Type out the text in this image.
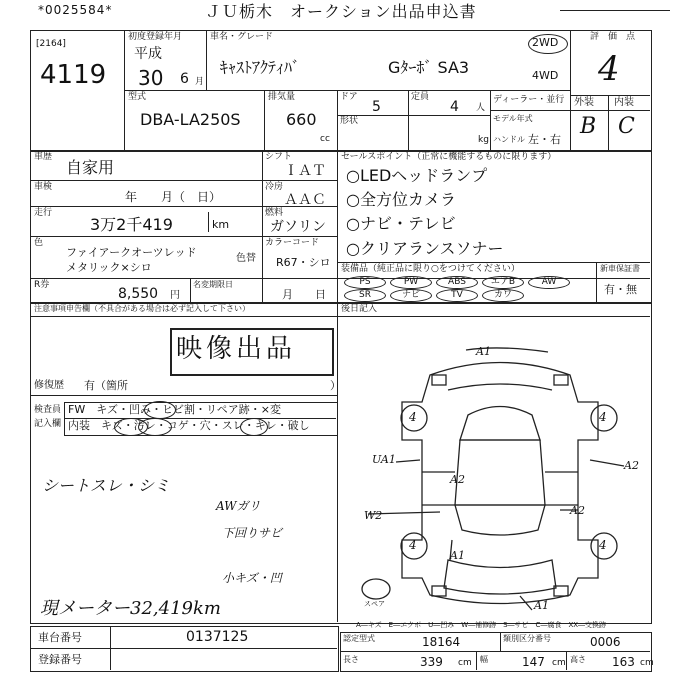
*0025584*	ＪＵ栃木　オークション出品申込書
[2164]
4119
初度登録年月
平成
30 6 月
車名・グレード
ｷｬｽﾄｱｸﾃｨﾊﾞ	Gﾀｰﾎﾞ SA3
2WD
4WD
評　価　点
4
型式
DBA-LA250S
排気量
660
cc
ドア
5
形状
定員
4 人
kg
ディーラー・並行
モデル年式
ハンドル 左・右
外装 内装
B C
車歴
自家用
車検
年　　月（　日）
走行
3万2千419	km
色
ファイアークオーツレッド
メタリック×シロ
色替
シフト
ＩＡＴ
冷房
ＡＡＣ
燃料
ガソリン
カラーコード
R67・シロ
セールスポイント（正常に機能するものに限ります）
○LEDヘッドランプ
○全方位カメラ
○ナビ・テレビ
○クリアランスソナー
装備品（純正品に限り○をつけてください）	新車保証書
有・無
PS	PW	ABS	エアB	AW
SR	ナビ	TV	カワ
R券
8,550 円
名変期限日
月　　日
注意事項申告欄（不具合がある場合は必ず記入して下さい）	後日記入
映像出品
修復歴 有（箇所	）
検査員
記入欄
FW　キズ・凹み・ヒビ割・リペア跡・×変
内装　キズ・汚レ・コゲ・穴・スレ・キレ・破し
シートスレ・シミ
AWガリ
下回りサビ
小キズ・凹
現メーター32,419km
A1
UA1
A2
A2
A2
W2
A1
A1
4	4
4	4
スペア
A―キズ　E―エクボ　U―凹み　W―補修跡　S―サビ　C―腐食　XX―交換跡
車台番号	0137125
登録番号
認定型式	18164	類別区分番号	0006
長さ	339 cm 幅	147 cm 高さ 163 cm
